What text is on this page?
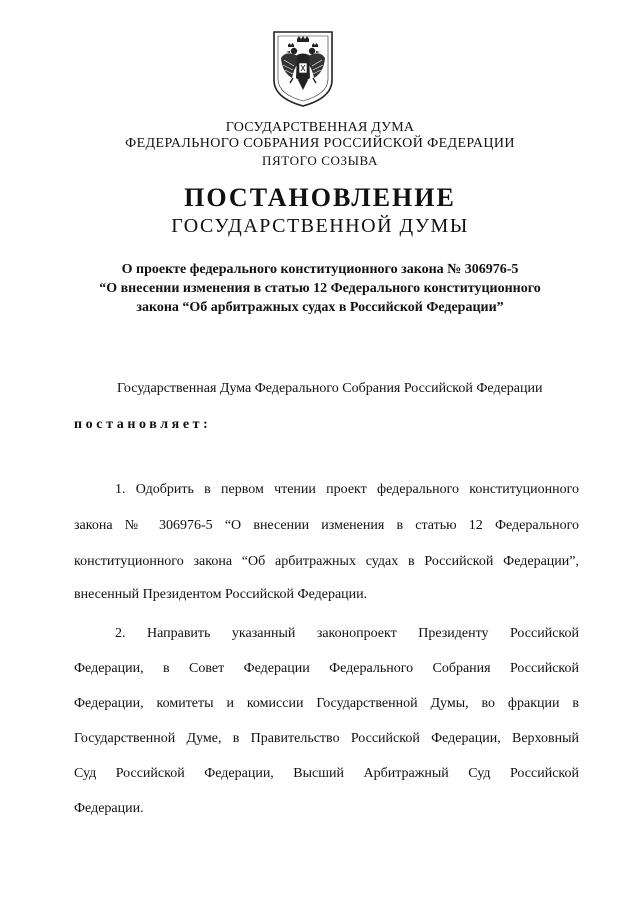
ГОСУДАРСТВЕННАЯ ДУМА
ФЕДЕРАЛЬНОГО СОБРАНИЯ РОССИЙСКОЙ ФЕДЕРАЦИИ
ПЯТОГО СОЗЫВА
ПОСТАНОВЛЕНИЕ
ГОСУДАРСТВЕННОЙ ДУМЫ
О проекте федерального конституционного закона № 306976-5
“О внесении изменения в статью 12 Федерального конституционного
закона “Об арбитражных судах в Российской Федерации”
Государственная Дума Федерального Собрания Российской Федерации
постановляет:
1. Одобрить в первом чтении проект федерального конституционного
закона № 306976-5 “О внесении изменения в статью 12 Федерального
конституционного закона “Об арбитражных судах в Российской Федерации”,
внесенный Президентом Российской Федерации.
2. Направить указанный законопроект Президенту Российской
Федерации, в Совет Федерации Федерального Собрания Российской
Федерации, комитеты и комиссии Государственной Думы, во фракции в
Государственной Думе, в Правительство Российской Федерации, Верховный
Суд Российской Федерации, Высший Арбитражный Суд Российской
Федерации.
